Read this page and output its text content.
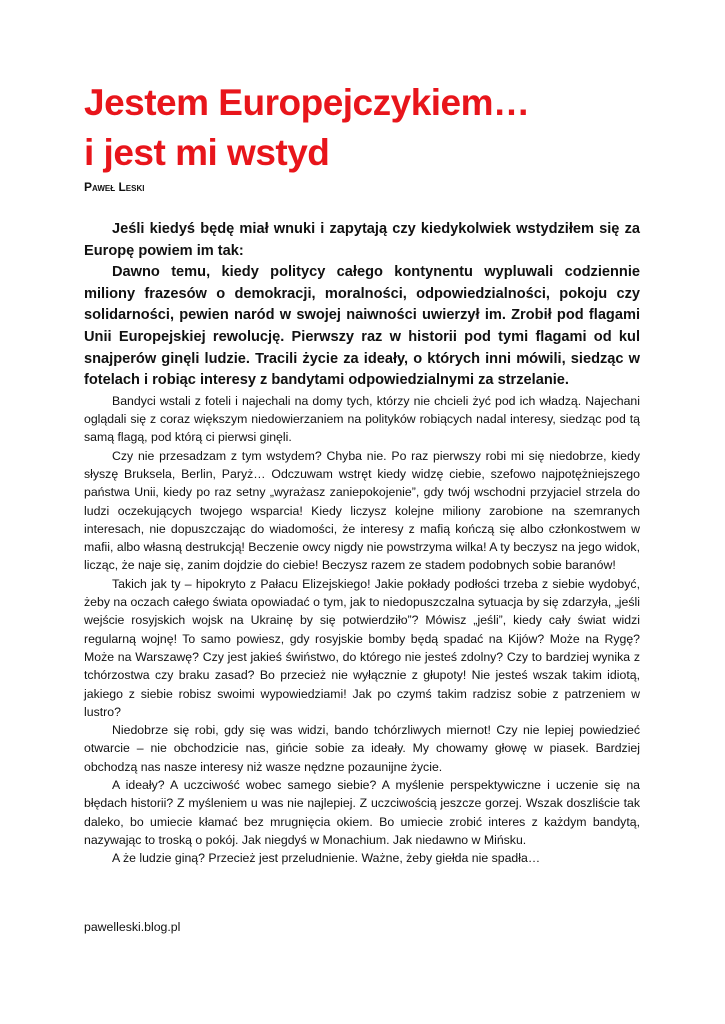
Jestem Europejczykiem…
i jest mi wstyd

Paweł Leski

Jeśli kiedyś będę miał wnuki i zapytają czy kiedykolwiek wstydziłem się za Europę powiem im tak:

Dawno temu, kiedy politycy całego kontynentu wypluwali codziennie miliony frazesów o demokracji, moralności, odpowiedzialności, pokoju czy solidarności, pewien naród w swojej naiwności uwierzył im. Zrobił pod flagami Unii Europejskiej rewolucję. Pierwszy raz w historii pod tymi flagami od kul snajperów ginęli ludzie. Tracili życie za ideały, o których inni mówili, siedząc w fotelach i robiąc interesy z bandytami odpowiedzialnymi za strzelanie.

Bandyci wstali z foteli i najechali na domy tych, którzy nie chcieli żyć pod ich władzą. Najechani oglądali się z coraz większym niedowierzaniem na polityków robiących nadal interesy, siedząc pod tą samą flagą, pod którą ci pierwsi ginęli.

Czy nie przesadzam z tym wstydem? Chyba nie. Po raz pierwszy robi mi się niedobrze, kiedy słyszę Bruksela, Berlin, Paryż… Odczuwam wstręt kiedy widzę ciebie, szefowo najpotężniejszego państwa Unii, kiedy po raz setny „wyrażasz zaniepokojenie”, gdy twój wschodni przyjaciel strzela do ludzi oczekujących twojego wsparcia! Kiedy liczysz kolejne miliony zarobione na szemranych interesach, nie dopuszczając do wiadomości, że interesy z mafią kończą się albo członkostwem w mafii, albo własną destrukcją! Beczenie owcy nigdy nie powstrzyma wilka! A ty beczysz na jego widok, licząc, że naje się, zanim dojdzie do ciebie! Beczysz razem ze stadem podobnych sobie baranów!

Takich jak ty – hipokryto z Pałacu Elizejskiego! Jakie pokłady podłości trzeba z siebie wydobyć, żeby na oczach całego świata opowiadać o tym, jak to niedopuszczalna sytuacja by się zdarzyła, „jeśli wejście rosyjskich wojsk na Ukrainę by się potwierdziło”? Mówisz „jeśli”, kiedy cały świat widzi regularną wojnę! To samo powiesz, gdy rosyjskie bomby będą spadać na Kijów? Może na Rygę? Może na Warszawę? Czy jest jakieś świństwo, do którego nie jesteś zdolny? Czy to bardziej wynika z tchórzostwa czy braku zasad? Bo przecież nie wyłącznie z głupoty! Nie jesteś wszak takim idiotą, jakiego z siebie robisz swoimi wypowiedziami! Jak po czymś takim radzisz sobie z patrzeniem w lustro?

Niedobrze się robi, gdy się was widzi, bando tchórzliwych miernot! Czy nie lepiej powiedzieć otwarcie – nie obchodzicie nas, gińcie sobie za ideały. My chowamy głowę w piasek. Bardziej obchodzą nas nasze interesy niż wasze nędzne pozaunijne życie.

A ideały? A uczciwość wobec samego siebie? A myślenie perspektywiczne i uczenie się na błędach historii? Z myśleniem u was nie najlepiej. Z uczciwością jeszcze gorzej. Wszak doszliście tak daleko, bo umiecie kłamać bez mrugnięcia okiem. Bo umiecie zrobić interes z każdym bandytą, nazywając to troską o pokój. Jak niegdyś w Monachium. Jak niedawno w Mińsku.

A że ludzie giną? Przecież jest przeludnienie. Ważne, żeby giełda nie spadła…

pawelleski.blog.pl
